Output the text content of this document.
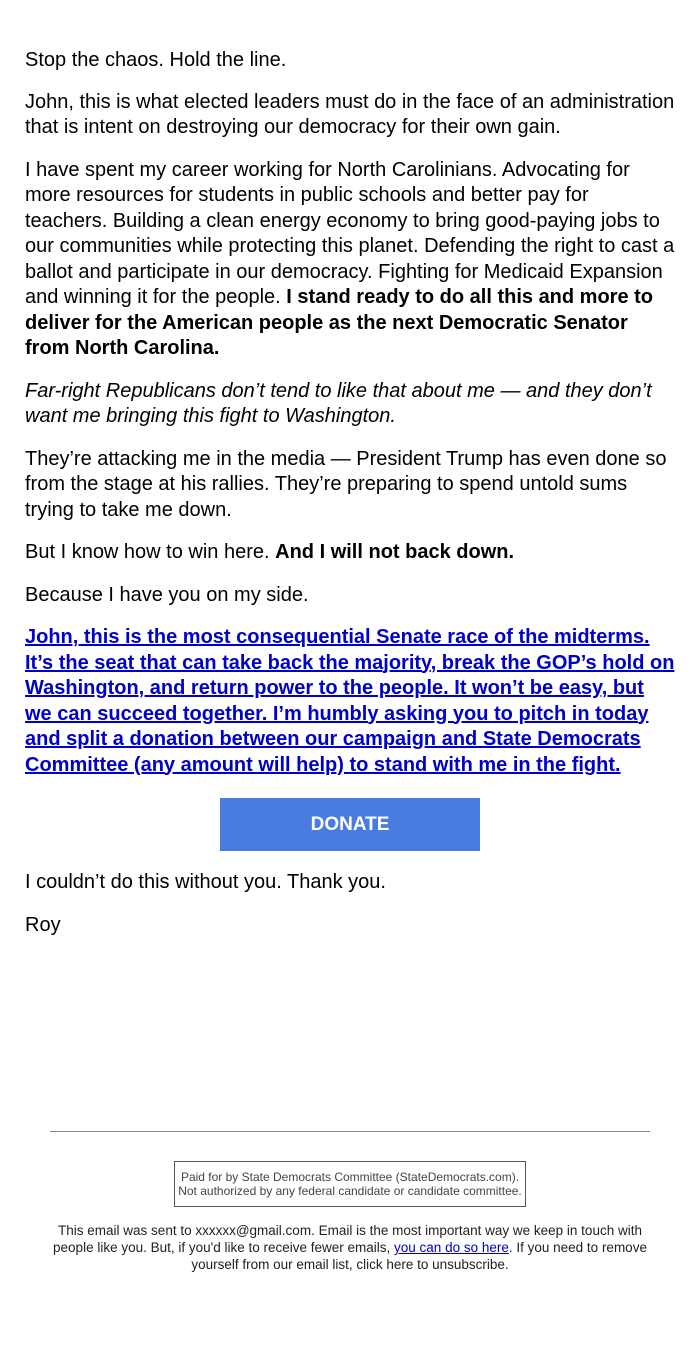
Stop the chaos. Hold the line.

John, this is what elected leaders must do in the face of an administration that is intent on destroying our democracy for their own gain.

I have spent my career working for North Carolinians. Advocating for more resources for students in public schools and better pay for teachers. Building a clean energy economy to bring good-paying jobs to our communities while protecting this planet. Defending the right to cast a ballot and participate in our democracy. Fighting for Medicaid Expansion and winning it for the people. I stand ready to do all this and more to deliver for the American people as the next Democratic Senator from North Carolina.

Far-right Republicans don’t tend to like that about me — and they don’t want me bringing this fight to Washington.

They’re attacking me in the media — President Trump has even done so from the stage at his rallies. They’re preparing to spend untold sums trying to take me down.

But I know how to win here. And I will not back down.

Because I have you on my side.

John, this is the most consequential Senate race of the midterms. It’s the seat that can take back the majority, break the GOP’s hold on Washington, and return power to the people. It won’t be easy, but we can succeed together. I’m humbly asking you to pitch in today and split a donation between our campaign and State Democrats Committee (any amount will help) to stand with me in the fight.

DONATE

I couldn’t do this without you. Thank you.

Roy

Paid for by State Democrats Committee (StateDemocrats.com). Not authorized by any federal candidate or candidate committee.
This email was sent to xxxxxx@gmail.com. Email is the most important way we keep in touch with people like you. But, if you'd like to receive fewer emails, you can do so here. If you need to remove yourself from our email list, click here to unsubscribe.
